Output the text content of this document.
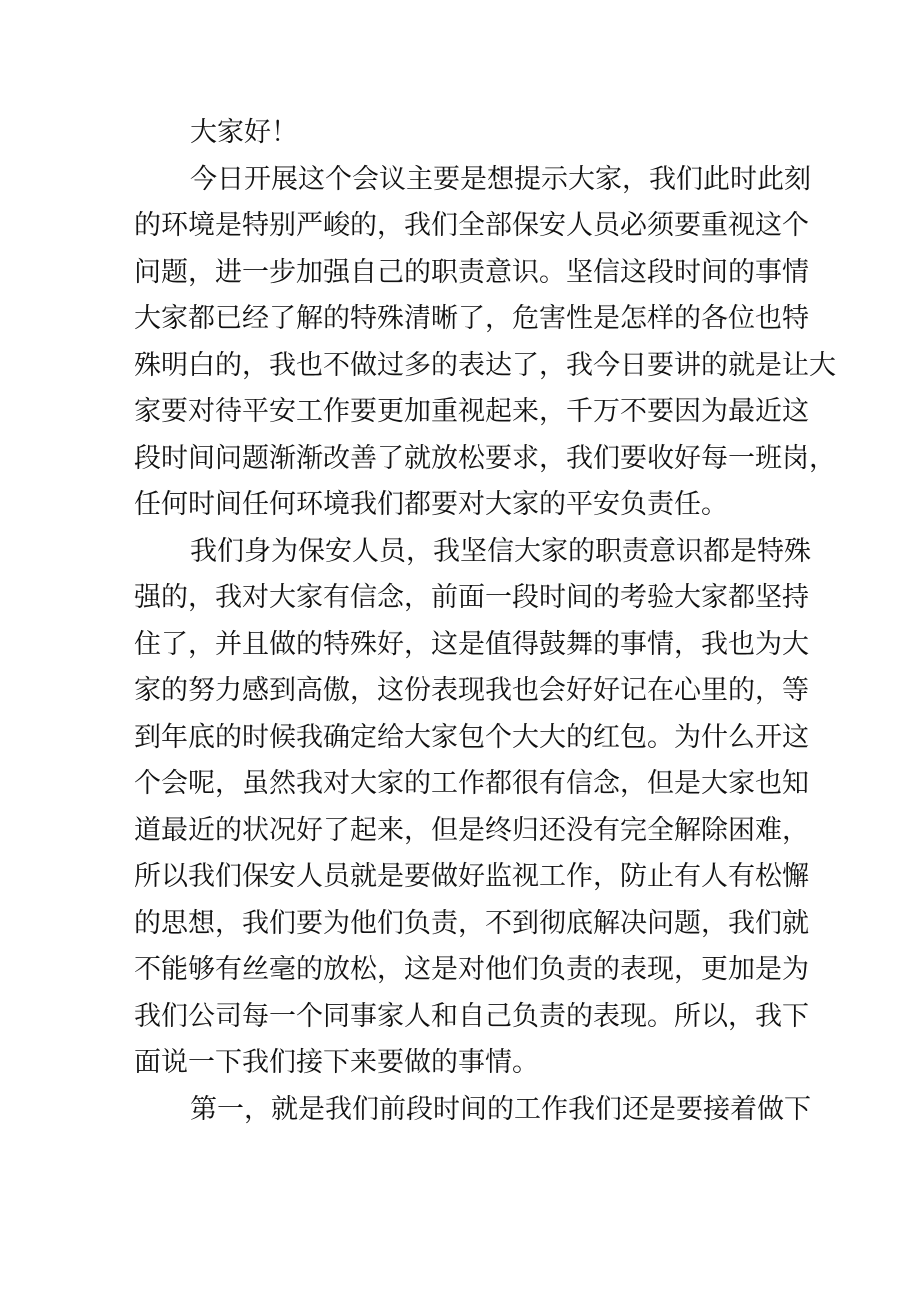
大家好！
今日开展这个会议主要是想提示大家，我们此时此刻
的环境是特别严峻的，我们全部保安人员必须要重视这个
问题，进一步加强自己的职责意识。坚信这段时间的事情
大家都已经了解的特殊清晰了，危害性是怎样的各位也特
殊明白的，我也不做过多的表达了，我今日要讲的就是让大
家要对待平安工作要更加重视起来，千万不要因为最近这
段时间问题渐渐改善了就放松要求，我们要收好每一班岗，
任何时间任何环境我们都要对大家的平安负责任。
我们身为保安人员，我坚信大家的职责意识都是特殊
强的，我对大家有信念，前面一段时间的考验大家都坚持
住了，并且做的特殊好，这是值得鼓舞的事情，我也为大
家的努力感到高傲，这份表现我也会好好记在心里的，等
到年底的时候我确定给大家包个大大的红包。为什么开这
个会呢，虽然我对大家的工作都很有信念，但是大家也知
道最近的状况好了起来，但是终归还没有完全解除困难，
所以我们保安人员就是要做好监视工作，防止有人有松懈
的思想，我们要为他们负责，不到彻底解决问题，我们就
不能够有丝毫的放松，这是对他们负责的表现，更加是为
我们公司每一个同事家人和自己负责的表现。所以，我下
面说一下我们接下来要做的事情。
第一，就是我们前段时间的工作我们还是要接着做下
